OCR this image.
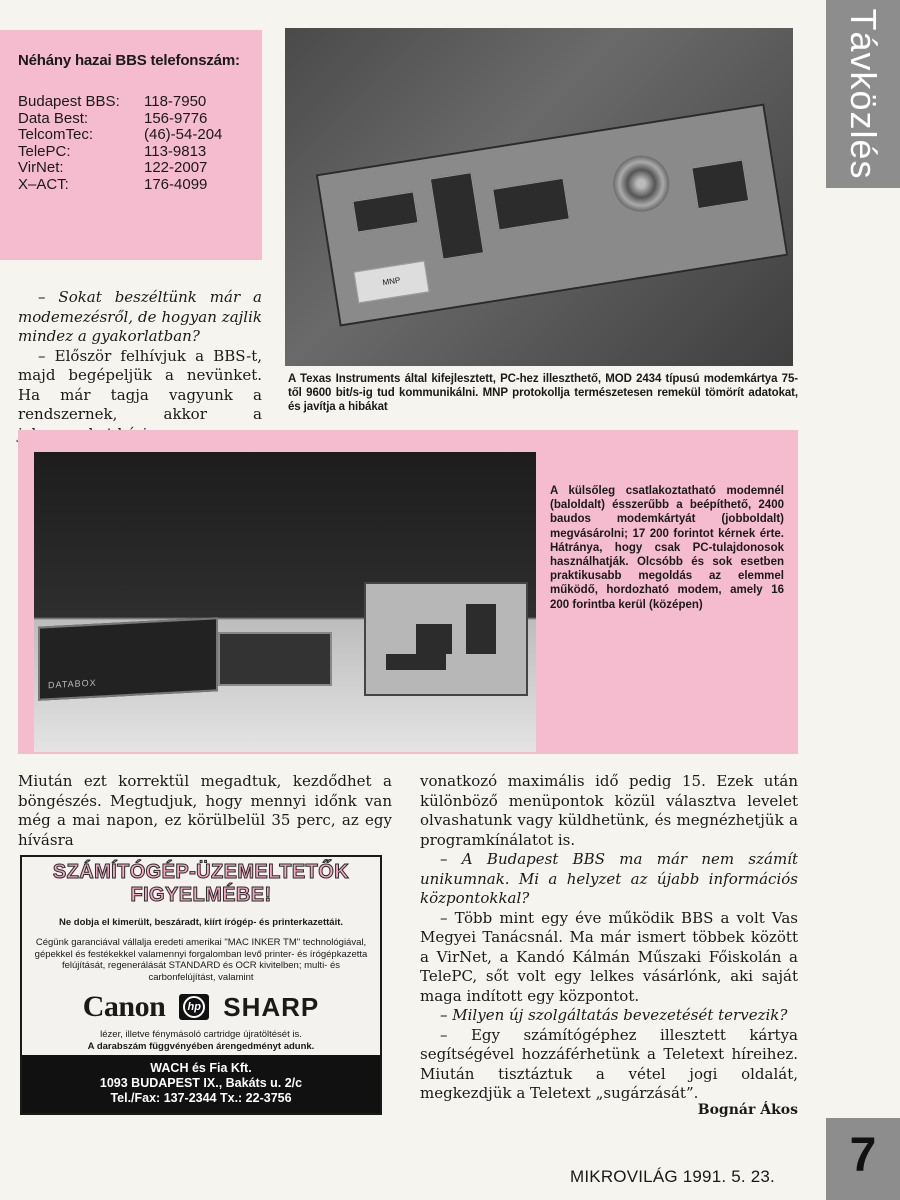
Távközlés
Néhány hazai BBS telefonszám:
Budapest BBS:	118-7950
Data Best:	156-9776
TelcomTec:	(46)-54-204
TelePC:	113-9813
VirNet:	122-2007
X–ACT:	176-4099

– Sokat beszéltünk már a modemezésről, de hogyan zajlik mindez a gyakorlatban?

– Először felhívjuk a BBS-t, majd begépeljük a nevünket. Ha már tagja vagyunk a rendszernek, akkor a

MNP
A Texas Instruments által kifejlesztett, PC-hez illeszthető, MOD 2434 típusú modemkártya 75-től 9600 bit/s-ig tud kommunikálni. MNP protokollja természetesen remekül tömörít adatokat, és javítja a hibákat
DATABOX
A külsőleg csatlakoztatható modemnél (baloldalt) ésszerűbb a beépíthető, 2400 baudos modemkártyát (jobboldalt) megvásárolni; 17 200 forintot kérnek érte. Hátránya, hogy csak PC-tulajdonosok használhatják. Olcsóbb és sok esetben praktikusabb megoldás az elemmel működő, hordozható modem, amely 16 200 forintba kerül (középen)

Miután ezt korrektül megadtuk, kezdődhet a böngészés. Megtudjuk, hogy mennyi időnk van még a mai napon, ez körülbelül 35 perc, az egy hívásra

SZÁMÍTÓGÉP-ÜZEMELTETŐK
FIGYELMÉBE!
Ne dobja el kimerült, beszáradt, kiírt írógép- és printerkazettáit.
Cégünk garanciával vállalja eredeti amerikai "MAC INKER TM" technológiával, gépekkel és festékekkel valamennyi forgalomban levő printer- és írógépkazetta felújítását, regenerálását STANDARD és OCR kivitelben; multi- és carbonfelújítást, valamint
Canon	hp SHARP
lézer, illetve fénymásoló cartridge újratöltését is.
A darabszám függvényében árengedményt adunk.
WACH és Fia Kft.
1093 BUDAPEST IX., Bakáts u. 2/c
Tel./Fax: 137-2344 Tx.: 22-3756

vonatkozó maximális idő pedig 15. Ezek után különböző menüpontok közül választva levelet olvashatunk vagy küldhetünk, és megnézhetjük a programkínálatot is.

– A Budapest BBS ma már nem számít unikumnak. Mi a helyzet az újabb információs központokkal?

– Több mint egy éve működik BBS a volt Vas Megyei Tanácsnál. Ma már ismert többek között a VirNet, a Kandó Kálmán Műszaki Főiskolán a TelePC, sőt volt egy lelkes vásárlónk, aki saját maga indított egy központot.

– Milyen új szolgáltatás bevezetését tervezik?

– Egy számítógéphez illesztett kártya segítségével hozzáférhetünk a Teletext híreihez. Miután tisztáztuk a vétel jogi oldalát, megkezdjük a Teletext „sugárzását”.

Bognár Ákos
MIKROVILÁG 1991. 5. 23.	7
